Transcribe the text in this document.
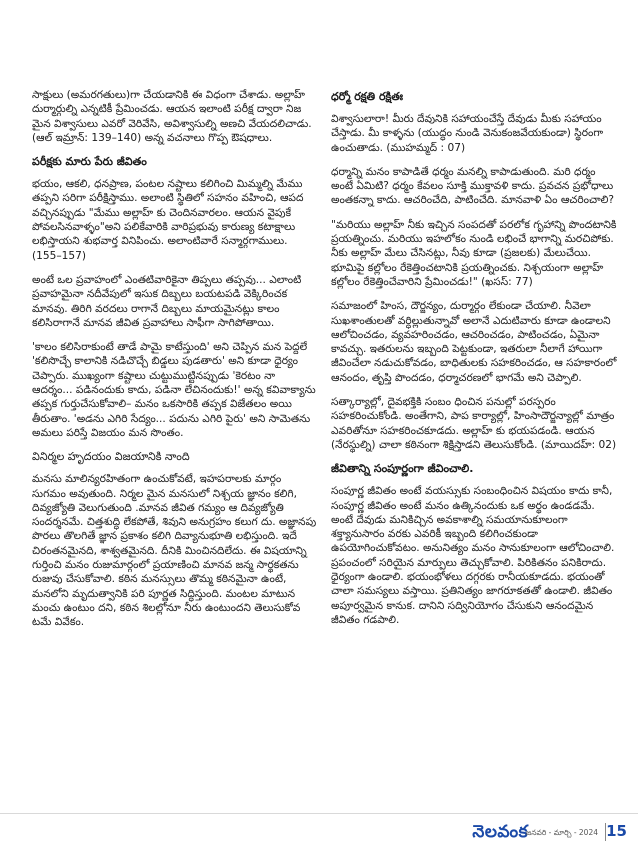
సాక్షులు (అమరగతులు)గా చేయడానికి ఈ విధంగా చేశాడు. అల్లాహ్ దుర్మార్గుల్ని ఎన్నటికీ ప్రేమించడు. ఆయన ఇలాంటి పరీక్ష ద్వారా నిజ మైన విశ్వాసులు ఎవరో వెరివేసి, అవిశ్వాసుల్ని అణచి వేయదలిచాడు. (ఆల్ ఇమ్రాన్: 139–140) అన్న వచనాలు గొప్ప ఔషధాలు.

పరీక్షకు మారు పేరు జీవితం

భయం, ఆకలి, ధనప్రాణ, పంటల నష్టాలు కలిగించి మిమ్మల్ని మేము తప్పని సరిగా పరీక్షిస్తాము. అలాంటి స్థితిలో సహనం వహించి, ఆపద వచ్చినప్పుడు "మేము అల్లాహ్ కు చెందినవారలం. ఆయన వైపుకే పోవలసినవాళ్ళం"అని పలికేవారికి వారిప్రభువు కారుణ్య కటాక్షాలు లభిస్తాయని శుభవార్త వినిపించు. అలాంటివారే సన్మార్గగాములు. (155–157)

అంటే ఒల ప్రవాహంలో ఎంతటివారికైనా తిప్పలు తప్పవు... ఎలాంటి ప్రవాహమైనా నదీవేపులో ఇసుక దిబ్బలు బయటపడి వెక్కిరించక మానవు. తిరిగి వరదలు రాగానే దిబ్బలు మాయమైనట్లు కాలం కలిసిరాగానే మానవ జీవిత ప్రవాహాలు సాఫీగా సాగిపోతాయి.

'కాలం కలిసిరాకుంటే తాడే పామై కాటేస్తుంది' అని చెప్పిన మన పెద్దలే 'కలిసొచ్చే కాలానికి నడిచొచ్చే బిడ్డలు పుడతారు' అని కూడా ధైర్యం చెప్పారు. ముఖ్యంగా కష్టాలు చుట్టుముట్టినప్పుడు 'కెరటం నా ఆదర్శం... పడినందుకు కాదు, పడినా లేచినందుకు!' అన్న కవివాక్యాను తప్పక గుర్తుచేసుకోవాలి– మనం ఒకసారికి తప్పక విజేతలం అయి తీరుతాం. 'అడను ఎగిరి సేద్యం... పదును ఎగిరి పైరు' అని సామెతను అమలు పరిస్తే విజయం మన సొంతం.

వినిర్మల హృదయం విజయానికి నాంది

మనసు మాలిన్యరహితంగా ఉంచుకోవటే, ఇహపరాలకు మార్గం సుగమం అవుతుంది. నిర్మల మైన మనసులో నిశ్చయ జ్ఞానం కలిగి, దివ్యజ్యోతి వెలుగుతుంది .మానవ జీవిత గమ్యం ఆ దివ్యజ్యోతి సందర్శనమే. చిత్తశుద్ధి లేకపోతే, శివుని అనుగ్రహం కలుగ దు. అజ్ఞానపు పొరలు తొలగితే జ్ఞాన ప్రకాశం కలిగి దివ్యానుభూతి లభిస్తుంది. ఇదే చిరంతనమైనది, శాశ్వతమైనది. దీనికి మించినదిలేదు. ఈ విషయాన్ని గుర్తించి మనం రుజుమార్గంలో ప్రయాణించి మానవ జన్మ సార్థకతను రుజువు చేసుకోవాలి. కఠిన మనస్సులు తొమ్మ కఠినమైనా ఉంటే, మనలోని మృదుత్వానికి పరి పూర్ణత సిద్ధిస్తుంది. మంటల మాటున మంచు ఉంటుం దని, కఠిన శిలల్లోనూ నీరు ఉంటుందని తెలుసుకోవ టమే వివేకం.

ధర్మో రక్షతి రక్షితః

విశ్వాసులారా! మీరు దేవునికి సహాయంచేస్తే దేవుడు మీకు సహాయం చేస్తాడు. మీ కాళ్ళను (యుద్ధం నుండి వెనుకంజవేయకుండా) స్థిరంగా ఉంచుతాడు. (ముహమ్మద్ : 07)

ధర్మాన్ని మనం కాపాడితే ధర్మం మనల్ని కాపాడుతుంది. మరి ధర్మం అంటే ఏమిటి? ధర్మం కేవలం సూక్తి ముక్తావళి కాదు. ప్రవచన ప్రభోధాలు అంతకన్నా కాదు. ఆచరించేది, పాటించేది. మానవాళి ఏం ఆచరించాలి?

"మరియు అల్లాహ్ నీకు ఇచ్చిన సంపదతో పరలోక గృహాన్ని పొందటానికి ప్రయత్నించు. మరియు ఇహలోకం నుండి లభించే భాగాన్ని మరచిపోకు. నీకు అల్లాహ్ మేలు చేసినట్లు, నీవు కూడా (ప్రజలకు) మేలుచేయి. భూమిపై కల్లోలం రేకెత్తించటానికి ప్రయత్నించకు. నిశ్చయంగా అల్లాహ్ కల్లోలం రేకెత్తించేవారిని ప్రేమించడు!" (ఖసస్: 77)

సమాజంలో హింస, దౌర్జన్యం, దుర్మార్గం లేకుండా చేయాలి. నీవెలా సుఖశాంతులతో వర్ధిల్లుతున్నావో అలానే ఎదుటివారు కూడా ఉండాలని ఆలోచించడం, వ్యవహరించడం, ఆచరించడం, పాటించడం, ఏమైనా కావచ్చు. ఇతరులను ఇబ్బంది పెట్టకుండా, ఇతరులా నీలాగే హాయిగా జీవించేలా నడుచుకోవడం, బాధితులకు సహకరించడం, ఆ సహకారంలో ఆనందం, తృప్తి పొందడం, ధర్మాచరణలో భాగమే అని చెప్పాలి.

సత్కార్యాల్లో, దైవభక్తికి సంబం ధించిన పనుల్లో పరస్పరం సహకరించుకోండి. అంతేగాని, పాప కార్యాల్లో, హింసాదౌర్జన్యాల్లో మాత్రం ఎవరితోనూ సహకరించకూడదు. అల్లాహ్ కు భయపడండి. ఆయన (నేరస్థుల్ని) చాలా కఠినంగా శిక్షిస్తాడని తెలుసుకోండి. (మాయిదహ్: 02)

జీవితాన్ని సంపూర్ణంగా జీవించాలి.

సంపూర్ణ జీవితం అంటే వయస్సుకు సంబంధించిన విషయం కాదు కానీ, సంపూర్ణ జీవితం అంటే మనం ఉత్కినందుకు ఒక అర్థం ఉండడమే. అంటే దేవుడు మనికిచ్చిన అవకాశాల్ని సమయానుకూలంగా శక్త్యానుసారం వరకు ఎవరికీ ఇబ్బంది కలిగించకుండా ఉపయోగించుకోవటం. అనునిత్యం మనం సానుకూలంగా ఆలోచించాలి. ప్రపంచంలో సరియైన మార్పులు తెచ్చుకోవాలి. పిరికితనం పనికిరాదు. ధైర్యంగా ఉండాలి. భయంభోళలు దగ్గరకు రానీయకూడదు. భయంతో చాలా సమస్యలు వస్తాయి. ప్రతినిత్యం జాగరూకతతో ఉండాలి. జీవితం అపూర్వమైన కానుక. దానిని సద్వినియోగం చేసుకుని ఆనందమైన జీవితం గడపాలి.

నెలవంక
జనవరి - మార్చి - 2024 15
